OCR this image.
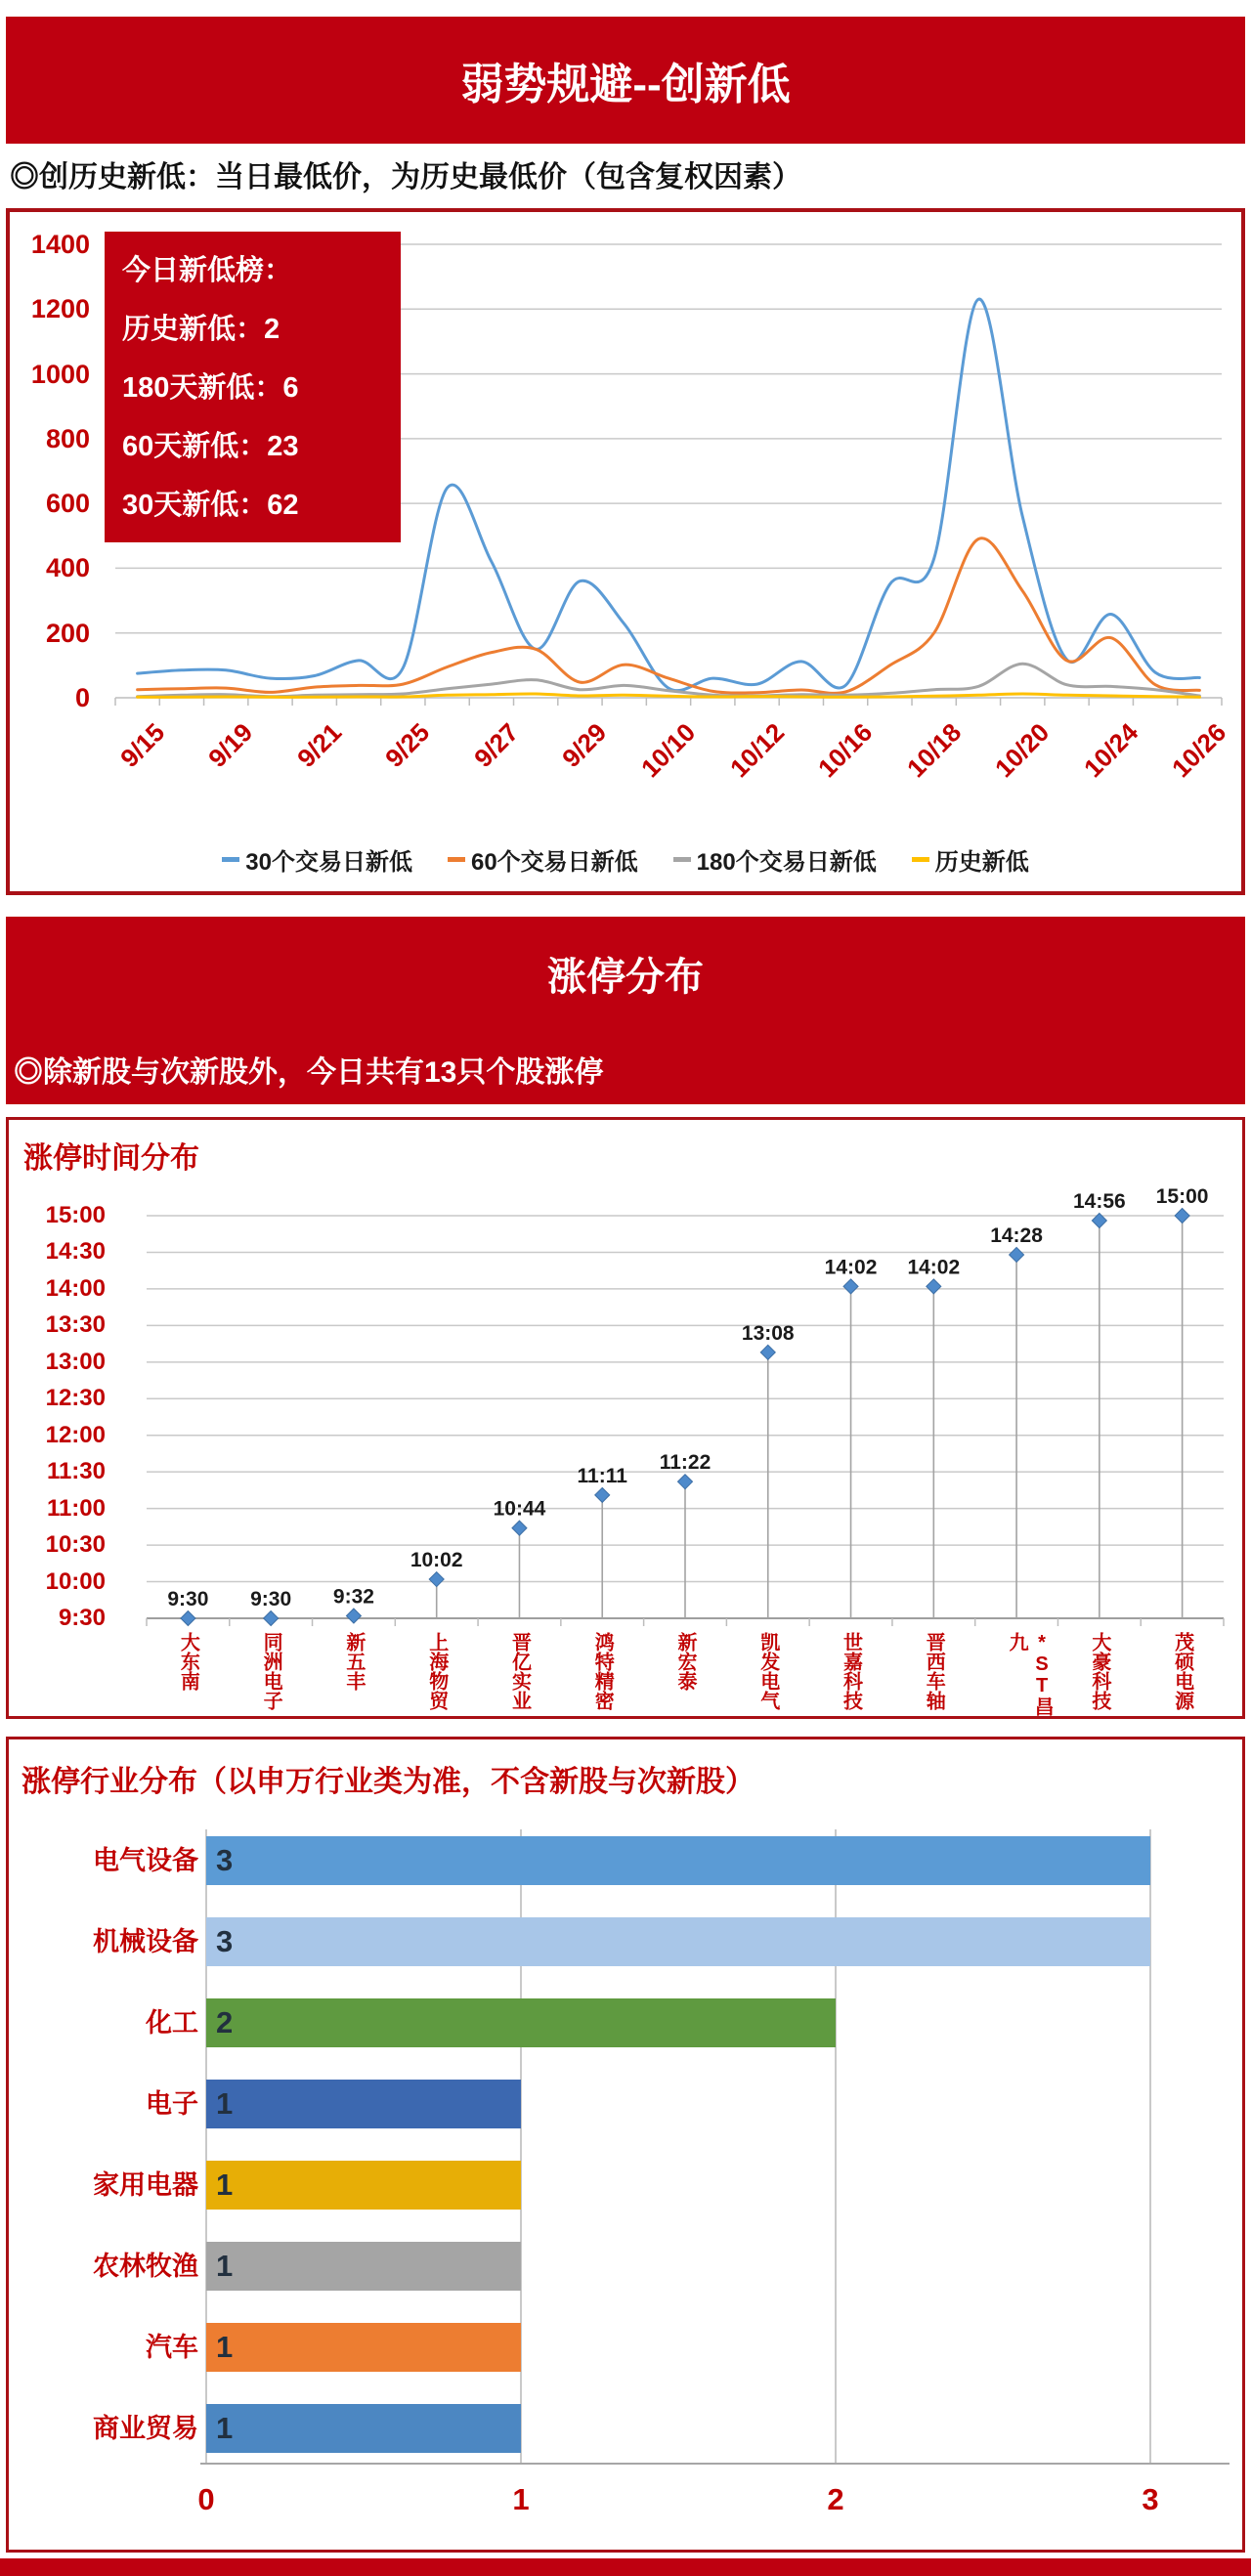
弱势规避--创新低
◎创历史新低：当日最低价，为历史最低价（包含复权因素）
1400
1200
1000
800
600
400
200
0
今日新低榜：
历史新低：2
180天新低：6
60天新低：23
30天新低：62
9/15	9/19	9/21	9/25	9/27	9/29 10/10 10/12 10/16 10/18 10/20 10/24 10/26
30个交易日新低	60个交易日新低	180个交易日新低	历史新低
涨停分布
◎除新股与次新股外，今日共有13只个股涨停
涨停时间分布
15:00
14:30
14:00
13:30
13:00
12:30
12:00
11:30
11:00
10:30
10:00
9:30
9:30 9:30 9:32
10:02
10:44
11:11
11:22
13:08
14:02 14:02
14:28
14:56 15:00
大东南	同洲电子	新五丰	上海物贸	晋亿实业	鸿特精密	新宏泰	凯发电气	世嘉科技	晋西车轴	*ST昌九	大豪科技	茂硕电源
涨停行业分布（以申万行业类为准，不含新股与次新股）
3
电气设备
3
机械设备
2
化工
1
电子
1
家用电器
1
农林牧渔
1
汽车
1
商业贸易
0	1	2	3
